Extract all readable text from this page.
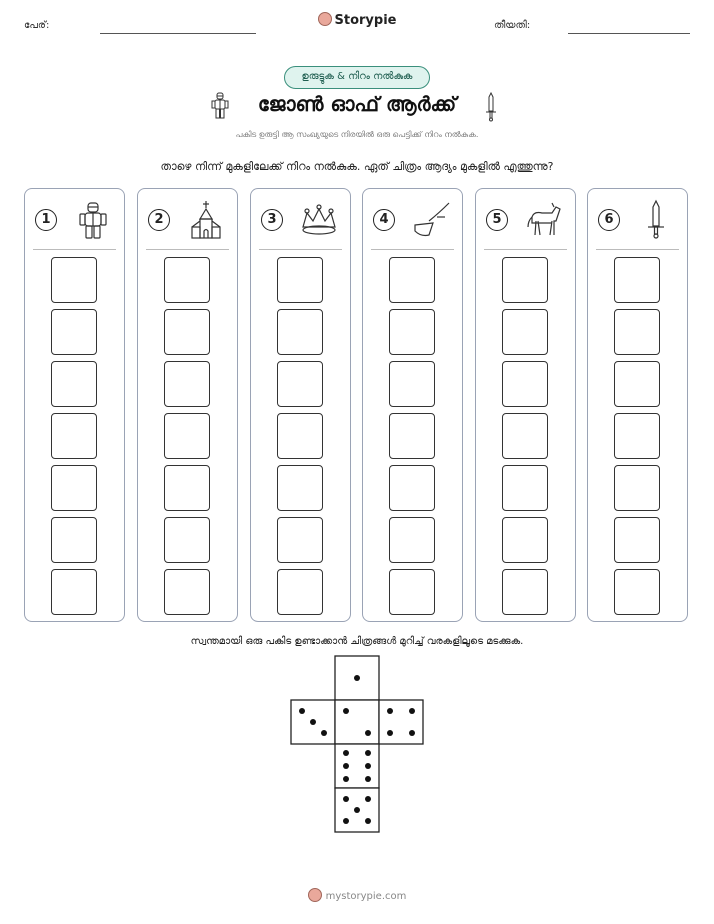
പേര്:	Storypie	തീയതി:
ഉരുട്ടുക & നിറം നൽകുക
ജോൺ ഓഫ് ആർക്ക്
പകിട ഉരുട്ടി ആ സംഖ്യയുടെ നിരയിൽ ഒരു പെട്ടിക്ക് നിറം നൽകുക.
താഴെ നിന്ന് മുകളിലേക്ക് നിറം നൽകുക. ഏത് ചിത്രം ആദ്യം മുകളിൽ എത്തുന്നു?
1	2	3	4	5	6
സ്വന്തമായി ഒരു പകിട ഉണ്ടാക്കാൻ ചിത്രങ്ങൾ മുറിച്ച് വരകളിലൂടെ മടക്കുക.
mystorypie.com
